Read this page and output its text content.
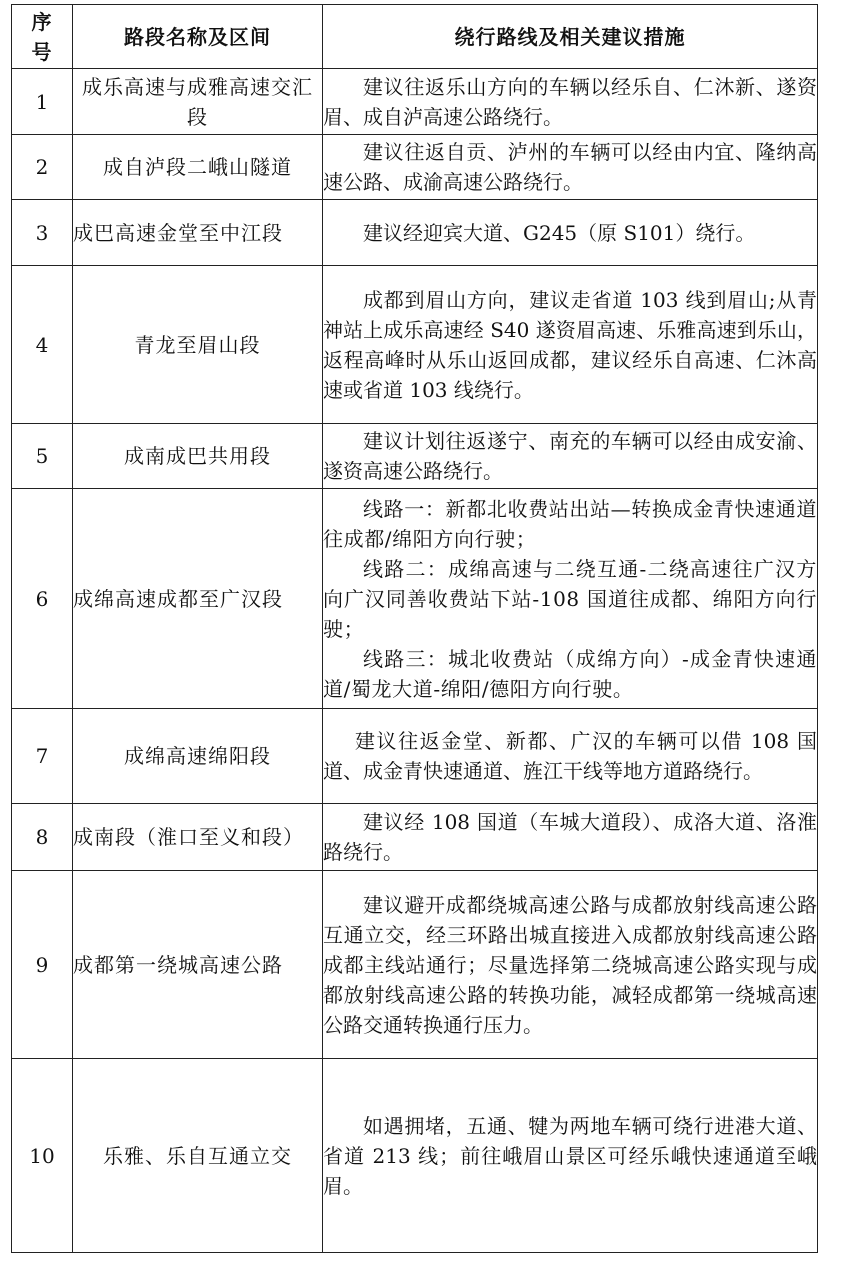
序号	路段名称及区间	绕行路线及相关建议措施
1	成乐高速与成雅高速交汇段	建议往返乐山方向的车辆以经乐自、仁沐新、遂资眉、成自泸高速公路绕行。

2	成自泸段二峨山隧道	建议往返自贡、泸州的车辆可以经由内宜、隆纳高速公路、成渝高速公路绕行。

3	成巴高速金堂至中江段	建议经迎宾大道、G245（原 S101）绕行。

4	青龙至眉山段	成都到眉山方向，建议走省道 103 线到眉山;从青神站上成乐高速经 S40 遂资眉高速、乐雅高速到乐山，返程高峰时从乐山返回成都，建议经乐自高速、仁沐高速或省道 103 线绕行。

5	成南成巴共用段	建议计划往返遂宁、南充的车辆可以经由成安渝、遂资高速公路绕行。

6	成绵高速成都至广汉段	线路一：新都北收费站出站—转换成金青快速通道往成都/绵阳方向行驶；

线路二：成绵高速与二绕互通-二绕高速往广汉方向广汉同善收费站下站-108 国道往成都、绵阳方向行驶；

线路三：城北收费站（成绵方向）-成金青快速通道/蜀龙大道-绵阳/德阳方向行驶。

7	成绵高速绵阳段	建议往返金堂、新都、广汉的车辆可以借 108 国道、成金青快速通道、旌江干线等地方道路绕行。

8	成南段（淮口至义和段）	建议经 108 国道（车城大道段）、成洛大道、洛淮路绕行。

9	成都第一绕城高速公路	建议避开成都绕城高速公路与成都放射线高速公路互通立交，经三环路出城直接进入成都放射线高速公路成都主线站通行；尽量选择第二绕城高速公路实现与成都放射线高速公路的转换功能，减轻成都第一绕城高速公路交通转换通行压力。

10	乐雅、乐自互通立交	如遇拥堵，五通、犍为两地车辆可绕行进港大道、省道 213 线；前往峨眉山景区可经乐峨快速通道至峨眉。
